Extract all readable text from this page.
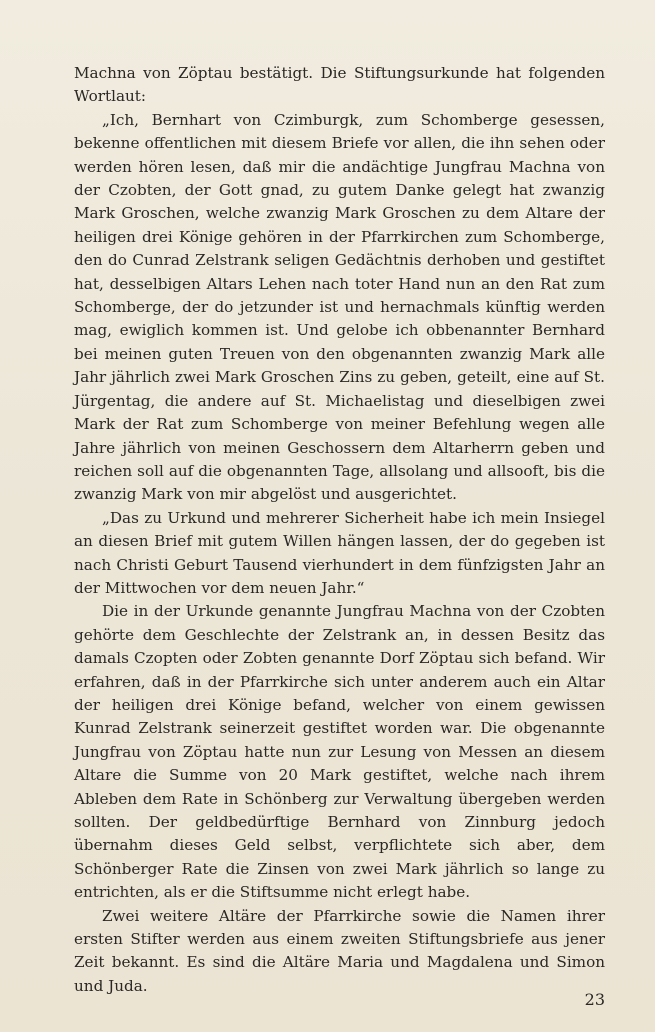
Machna von Zöptau bestätigt. Die Stiftungsurkunde hat folgenden Wortlaut:

„Ich, Bernhart von Czimburgk, zum Schomberge gesessen, bekenne offentlichen mit diesem Briefe vor allen, die ihn sehen oder werden hören lesen, daß mir die andächtige Jungfrau Machna von der Czobten, der Gott gnad, zu gutem Danke gelegt hat zwanzig Mark Groschen, welche zwanzig Mark Groschen zu dem Altare der heiligen drei Könige gehören in der Pfarrkirchen zum Schomberge, den do Cunrad Zelstrank seligen Gedächtnis derhoben und gestiftet hat, desselbigen Altars Lehen nach toter Hand nun an den Rat zum Schomberge, der do jetzunder ist und hernachmals künftig werden mag, ewiglich kommen ist. Und gelobe ich obbenannter Bernhard bei meinen guten Treuen von den obgenannten zwanzig Mark alle Jahr jährlich zwei Mark Groschen Zins zu geben, geteilt, eine auf St. Jürgentag, die andere auf St. Michaelistag und dieselbigen zwei Mark der Rat zum Schomberge von meiner Befehlung wegen alle Jahre jährlich von meinen Geschossern dem Altarherrn geben und reichen soll auf die obgenannten Tage, allsolang und allsooft, bis die zwanzig Mark von mir abgelöst und ausgerichtet.

„Das zu Urkund und mehrerer Sicherheit habe ich mein Insiegel an diesen Brief mit gutem Willen hängen lassen, der do gegeben ist nach Christi Geburt Tausend vierhundert in dem fünfzigsten Jahr an der Mittwochen vor dem neuen Jahr.“

Die in der Urkunde genannte Jungfrau Machna von der Czobten gehörte dem Geschlechte der Zelstrank an, in dessen Besitz das damals Czopten oder Zobten genannte Dorf Zöptau sich befand. Wir erfahren, daß in der Pfarrkirche sich unter anderem auch ein Altar der heiligen drei Könige befand, welcher von einem gewissen Kunrad Zelstrank seinerzeit gestiftet worden war. Die obgenannte Jungfrau von Zöptau hatte nun zur Lesung von Messen an diesem Altare die Summe von 20 Mark gestiftet, welche nach ihrem Ableben dem Rate in Schönberg zur Verwaltung übergeben werden sollten. Der geldbedürftige Bernhard von Zinnburg jedoch übernahm dieses Geld selbst, verpflichtete sich aber, dem Schönberger Rate die Zinsen von zwei Mark jährlich so lange zu entrichten, als er die Stiftsumme nicht erlegt habe.

Zwei weitere Altäre der Pfarrkirche sowie die Namen ihrer ersten Stifter werden aus einem zweiten Stiftungsbriefe aus jener Zeit bekannt. Es sind die Altäre Maria und Magdalena und Simon und Juda.

23
